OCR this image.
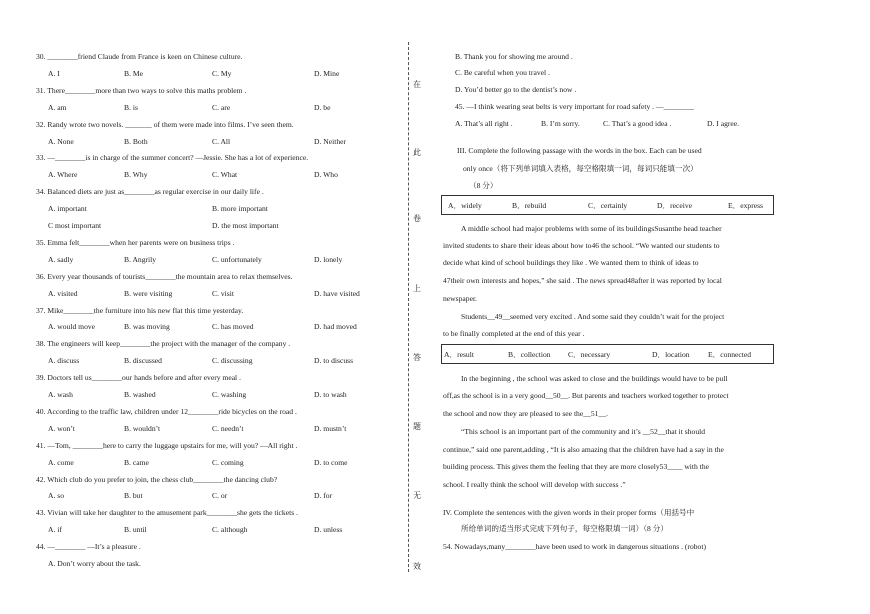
30. ________friend Claude from France is keen on Chinese culture.
A. I	B. Me	C. My	D. Mine
31. There________more than two ways to solve this maths problem .
A. am	B. is	C. are	D. be
32. Randy wrote two novels. _______ of them were made into films. I’ve seen them.
A. None	B. Both	C. All	D. Neither
33. —________is in charge of the summer concert? —Jessie. She has a lot of experience.
A. Where	B. Why	C. What	D. Who
34. Balanced diets are just as________as regular exercise in our daily life .
A. important	B. more important
C most important	D. the most important
35. Emma felt________when her parents were on business trips .
A. sadly	B. Angrily	C. unfortunately	D. lonely
36. Every year thousands of tourists________the mountain area to relax themselves.
A. visited	B. were visiting	C. visit	D. have visited
37. Mike________the furniture into his new flat this time yesterday.
A. would move	B. was moving	C. has moved	D. had moved
38. The engineers will keep________the project with the manager of the company .
A. discuss	B. discussed	C. discussing	D. to discuss
39. Doctors tell us________our hands before and after every meal .
A. wash	B. washed	C. washing	D. to wash
40. According to the traffic law, children under 12________ride bicycles on the road .
A. won’t	B. wouldn’t	C. needn’t	D. mustn’t
41. —Tom, ________here to carry the luggage upstairs for me, will you? —All right .
A. come	B. came	C. coming	D. to come
42. Which club do you prefer to join, the chess club________the dancing club?
A. so	B. but	C. or	D. for
43. Vivian will take her daughter to the amusement park________she gets the tickets .
A. if	B. until	C. although	D. unless
44. —________ —It’s a pleasure .
A. Don’t worry about the task.
在
此
卷
上
答
题
无
效
B. Thank you for showing me around .
C. Be careful when you travel .
D. You’d better go to the dentist’s now .
45. —I think wearing seat belts is very important for road safety . —________
A. That’s all right .	B. I’m sorry.	C. That’s a good idea .	D. I agree.
III. Complete the following passage with the words in the box. Each can be used
only once（将下列单词填入表格，每空格限填一词，每词只能填一次）
（8 分）
A．widely	B．rebuild	C．certainly	D．receive	E．express
A middle school had major problems with some of its buildingsSusanthe head teacher
invited students to share their ideas about how to46 the school. “We wanted our students to
decide what kind of school buildings they like . We wanted them to think of ideas to
47their own interests and hopes,” she said . The news spread48after it was reported by local
newspaper.
Students__49__seemed very excited . And some said they couldn’t wait for the project
to be finally completed at the end of this year .
A．result	B．collection C．necessary	D．location E．connected
In the beginning , the school was asked to close and the buildings would have to be pull
off,as the school is in a very good__50__. But parents and teachers worked together to protect
the school and now they are pleased to see the__51__.
“This school is an important part of the community and it’s __52__that it should
continue,” said one parent,adding , “It is also amazing that the children have had a say in the
building process. This gives them the feeling that they are more closely53____ with the
school. I really think the school will develop with success .”
IV. Complete the sentences with the given words in their proper forms（用括号中
所给单词的适当形式完成下列句子，每空格限填一词）（8 分）
54. Nowadays,many________have been used to work in dangerous situations . (robot)
